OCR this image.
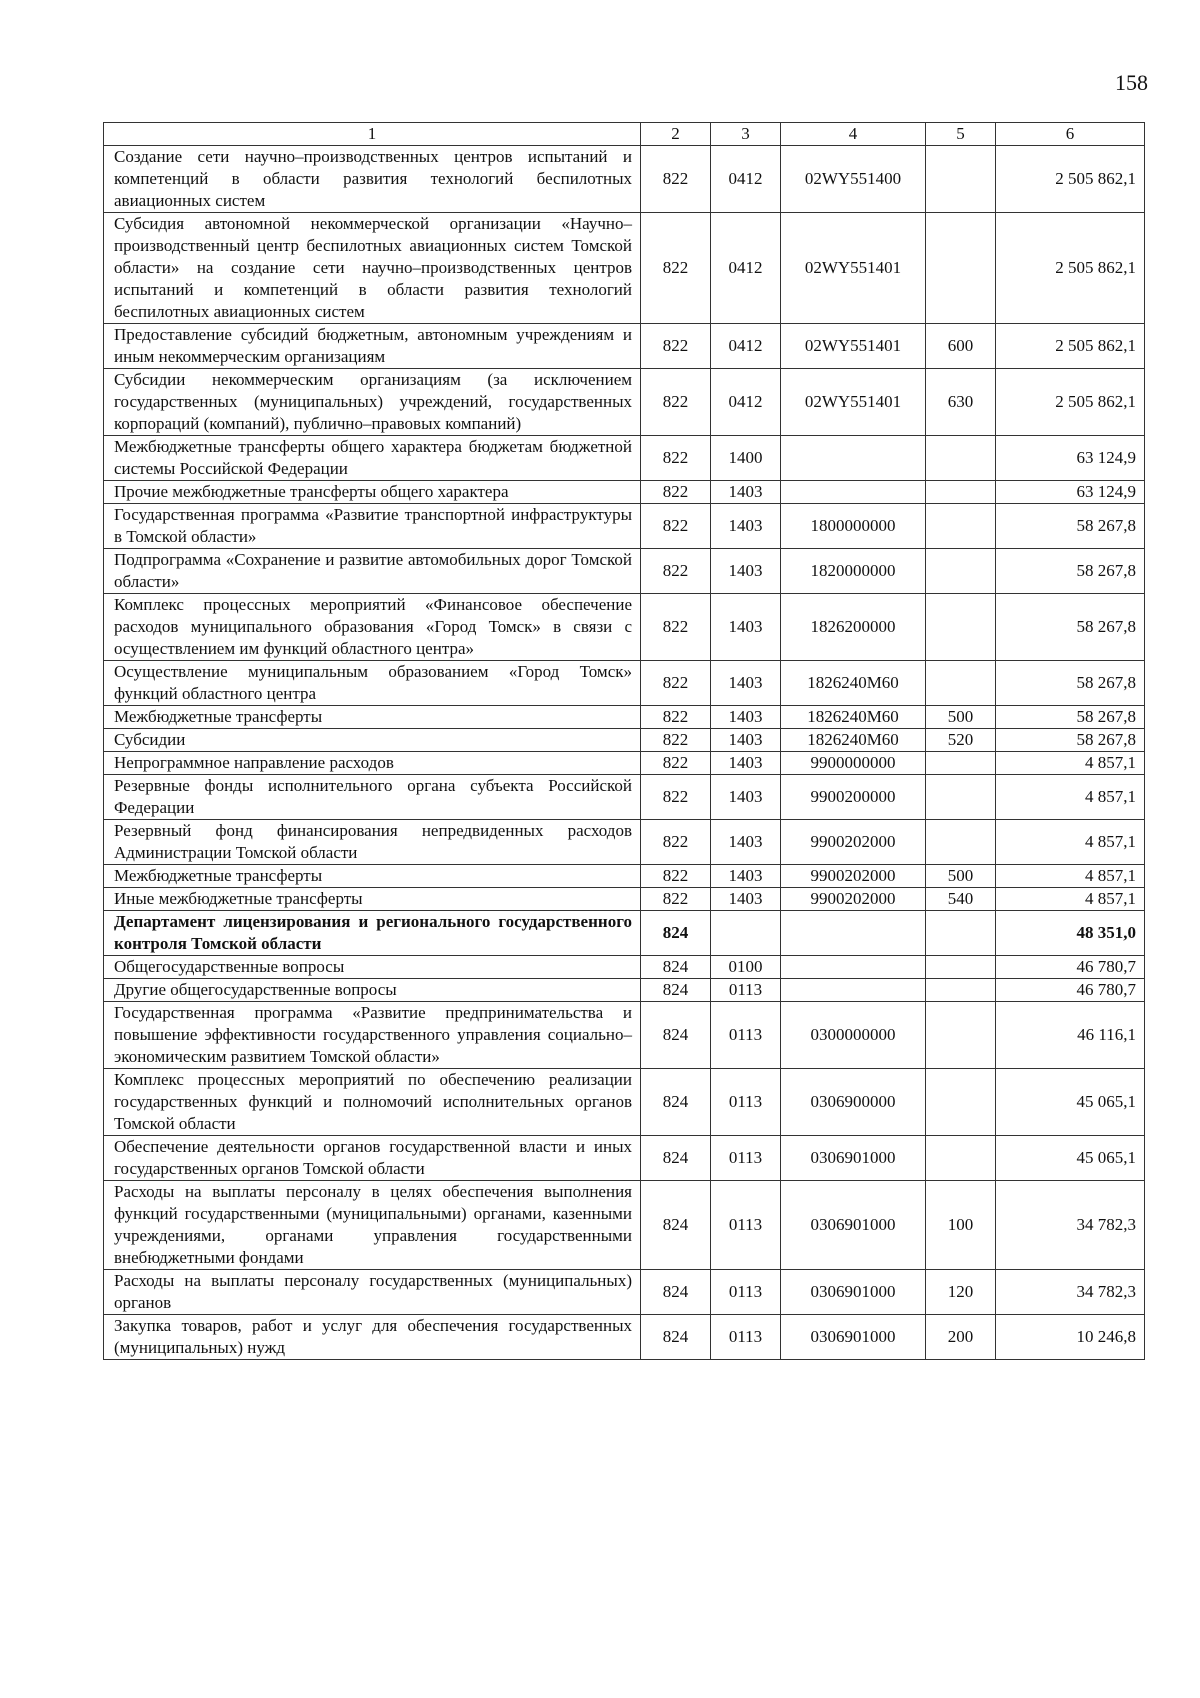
158
1	2	3	4	5	6
Создание сети научно–производственных центров испытаний и компетенций в области развития технологий беспилотных авиационных систем	822	0412	02WY551400		2 505 862,1
Субсидия автономной некоммерческой организации «Научно–производственный центр беспилотных авиационных систем Томской области» на создание сети научно–производственных центров испытаний и компетенций в области развития технологий беспилотных авиационных систем	822	0412	02WY551401		2 505 862,1
Предоставление субсидий бюджетным, автономным учреждениям и иным некоммерческим организациям	822	0412	02WY551401	600	2 505 862,1
Субсидии некоммерческим организациям (за исключением государственных (муниципальных) учреждений, государственных корпораций (компаний), публично–правовых компаний)	822	0412	02WY551401	630	2 505 862,1
Межбюджетные трансферты общего характера бюджетам бюджетной системы Российской Федерации	822	1400			63 124,9
Прочие межбюджетные трансферты общего характера	822	1403			63 124,9
Государственная программа «Развитие транспортной инфраструктуры в Томской области»	822	1403	1800000000		58 267,8
Подпрограмма «Сохранение и развитие автомобильных дорог Томской области»	822	1403	1820000000		58 267,8
Комплекс процессных мероприятий «Финансовое обеспечение расходов муниципального образования «Город Томск» в связи с осуществлением им функций областного центра»	822	1403	1826200000		58 267,8
Осуществление муниципальным образованием «Город Томск» функций областного центра	822	1403	1826240M60		58 267,8
Межбюджетные трансферты	822	1403	1826240M60	500	58 267,8
Субсидии	822	1403	1826240M60	520	58 267,8
Непрограммное направление расходов	822	1403	9900000000		4 857,1
Резервные фонды исполнительного органа субъекта Российской Федерации	822	1403	9900200000		4 857,1
Резервный фонд финансирования непредвиденных расходов Администрации Томской области	822	1403	9900202000		4 857,1
Межбюджетные трансферты	822	1403	9900202000	500	4 857,1
Иные межбюджетные трансферты	822	1403	9900202000	540	4 857,1
Департамент лицензирования и регионального государственного контроля Томской области	824				48 351,0
Общегосударственные вопросы	824	0100			46 780,7
Другие общегосударственные вопросы	824	0113			46 780,7
Государственная программа «Развитие предпринимательства и повышение эффективности государственного управления социально–экономическим развитием Томской области»	824	0113	0300000000		46 116,1
Комплекс процессных мероприятий по обеспечению реализации государственных функций и полномочий исполнительных органов Томской области	824	0113	0306900000		45 065,1
Обеспечение деятельности органов государственной власти и иных государственных органов Томской области	824	0113	0306901000		45 065,1
Расходы на выплаты персоналу в целях обеспечения выполнения функций государственными (муниципальными) органами, казенными учреждениями, органами управления государственными внебюджетными фондами	824	0113	0306901000	100	34 782,3
Расходы на выплаты персоналу государственных (муниципальных) органов	824	0113	0306901000	120	34 782,3
Закупка товаров, работ и услуг для обеспечения государственных (муниципальных) нужд	824	0113	0306901000	200	10 246,8
